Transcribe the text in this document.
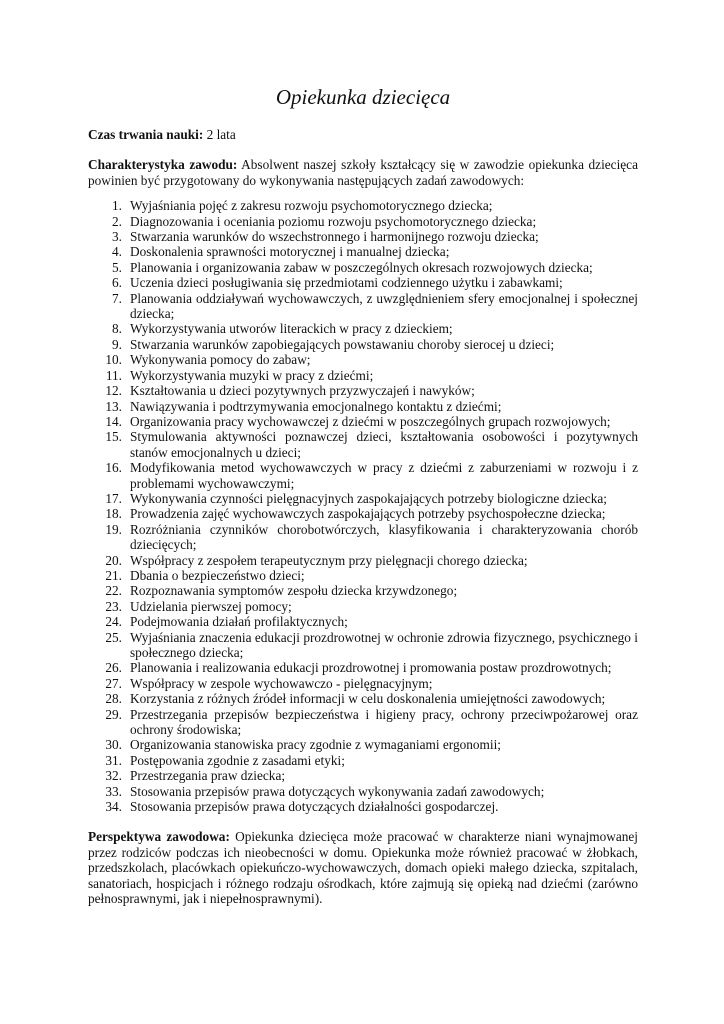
Opiekunka dziecięca

Czas trwania nauki: 2 lata

Charakterystyka zawodu: Absolwent naszej szkoły kształcący się w zawodzie opiekunka dziecięca powinien być przygotowany do wykonywania następujących zadań zawodowych:

1. Wyjaśniania pojęć z zakresu rozwoju psychomotorycznego dziecka;
2. Diagnozowania i oceniania poziomu rozwoju psychomotorycznego dziecka;
3. Stwarzania warunków do wszechstronnego i harmonijnego rozwoju dziecka;
4. Doskonalenia sprawności motorycznej i manualnej dziecka;
5. Planowania i organizowania zabaw w poszczególnych okresach rozwojowych dziecka;
6. Uczenia dzieci posługiwania się przedmiotami codziennego użytku i zabawkami;
7. Planowania oddziaływań wychowawczych, z uwzględnieniem sfery emocjonalnej i społecznej dziecka;
8. Wykorzystywania utworów literackich w pracy z dzieckiem;
9. Stwarzania warunków zapobiegających powstawaniu choroby sierocej u dzieci;
10. Wykonywania pomocy do zabaw;
11. Wykorzystywania muzyki w pracy z dziećmi;
12. Kształtowania u dzieci pozytywnych przyzwyczajeń i nawyków;
13. Nawiązywania i podtrzymywania emocjonalnego kontaktu z dziećmi;
14. Organizowania pracy wychowawczej z dziećmi w poszczególnych grupach rozwojowych;
15. Stymulowania aktywności poznawczej dzieci, kształtowania osobowości i pozytywnych stanów emocjonalnych u dzieci;
16. Modyfikowania metod wychowawczych w pracy z dziećmi z zaburzeniami w rozwoju i z problemami wychowawczymi;
17. Wykonywania czynności pielęgnacyjnych zaspokajających potrzeby biologiczne dziecka;
18. Prowadzenia zajęć wychowawczych zaspokajających potrzeby psychospołeczne dziecka;
19. Rozróżniania czynników chorobotwórczych, klasyfikowania i charakteryzowania chorób dziecięcych;
20. Współpracy z zespołem terapeutycznym przy pielęgnacji chorego dziecka;
21. Dbania o bezpieczeństwo dzieci;
22. Rozpoznawania symptomów zespołu dziecka krzywdzonego;
23. Udzielania pierwszej pomocy;
24. Podejmowania działań profilaktycznych;
25. Wyjaśniania znaczenia edukacji prozdrowotnej w ochronie zdrowia fizycznego, psychicznego i społecznego dziecka;
26. Planowania i realizowania edukacji prozdrowotnej i promowania postaw prozdrowotnych;
27. Współpracy w zespole wychowawczo - pielęgnacyjnym;
28. Korzystania z różnych źródeł informacji w celu doskonalenia umiejętności zawodowych;
29. Przestrzegania przepisów bezpieczeństwa i higieny pracy, ochrony przeciwpożarowej oraz ochrony środowiska;
30. Organizowania stanowiska pracy zgodnie z wymaganiami ergonomii;
31. Postępowania zgodnie z zasadami etyki;
32. Przestrzegania praw dziecka;
33. Stosowania przepisów prawa dotyczących wykonywania zadań zawodowych;
34. Stosowania przepisów prawa dotyczących działalności gospodarczej.

Perspektywa zawodowa: Opiekunka dziecięca może pracować w charakterze niani wynajmowanej przez rodziców podczas ich nieobecności w domu. Opiekunka może również pracować w żłobkach, przedszkolach, placówkach opiekuńczo-wychowawczych, domach opieki małego dziecka, szpitalach, sanatoriach, hospicjach i różnego rodzaju ośrodkach, które zajmują się opieką nad dziećmi (zarówno pełnosprawnymi, jak i niepełnosprawnymi).
